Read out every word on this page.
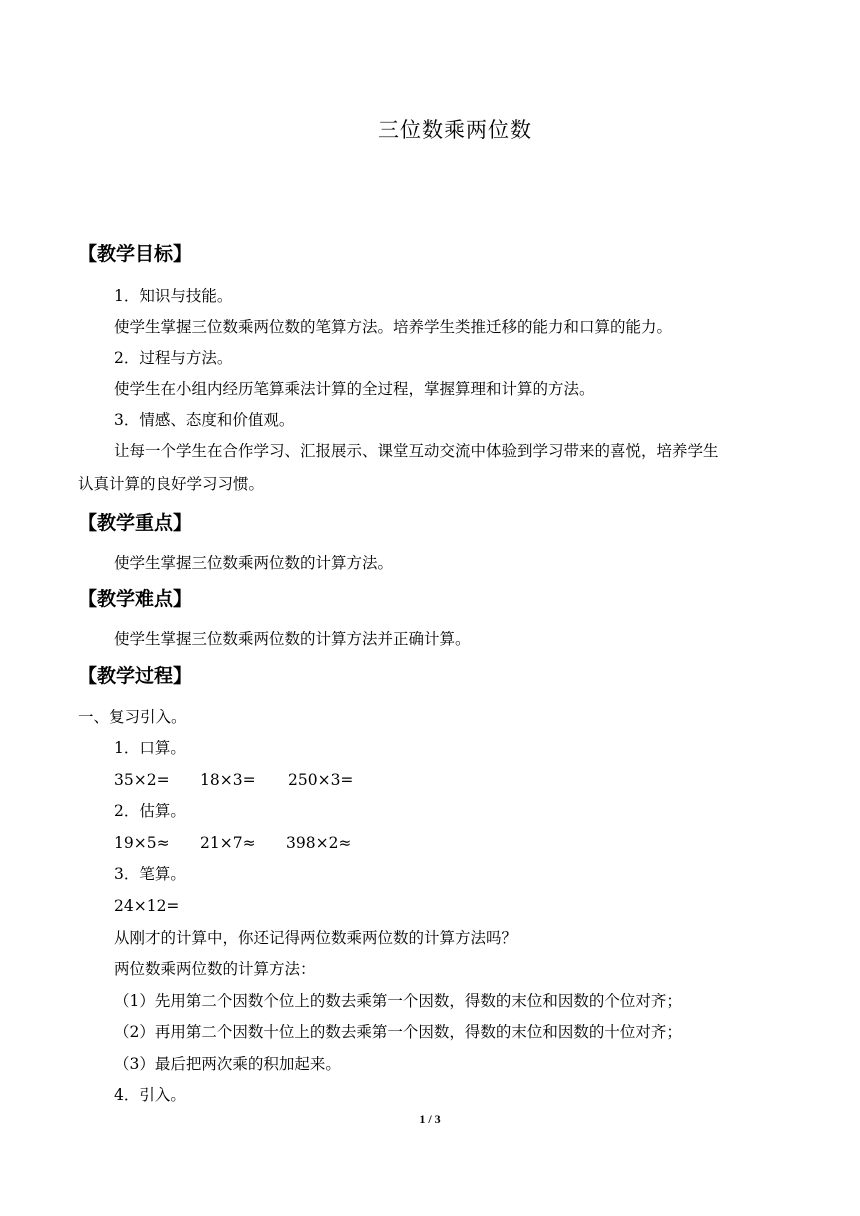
三位数乘两位数
【教学目标】
1．知识与技能。
使学生掌握三位数乘两位数的笔算方法。培养学生类推迁移的能力和口算的能力。
2．过程与方法。
使学生在小组内经历笔算乘法计算的全过程，掌握算理和计算的方法。
3．情感、态度和价值观。
让每一个学生在合作学习、汇报展示、课堂互动交流中体验到学习带来的喜悦，培养学生
认真计算的良好学习习惯。
【教学重点】
使学生掌握三位数乘两位数的计算方法。
【教学难点】
使学生掌握三位数乘两位数的计算方法并正确计算。
【教学过程】
一、复习引入。
1．口算。
35×2= 18×3= 250×3=
2．估算。
19×5≈ 21×7≈ 398×2≈
3．笔算。
24×12=
从刚才的计算中，你还记得两位数乘两位数的计算方法吗？
两位数乘两位数的计算方法：
（1）先用第二个因数个位上的数去乘第一个因数，得数的末位和因数的个位对齐；
（2）再用第二个因数十位上的数去乘第一个因数，得数的末位和因数的十位对齐；
（3）最后把两次乘的积加起来。
4．引入。
1 / 3
